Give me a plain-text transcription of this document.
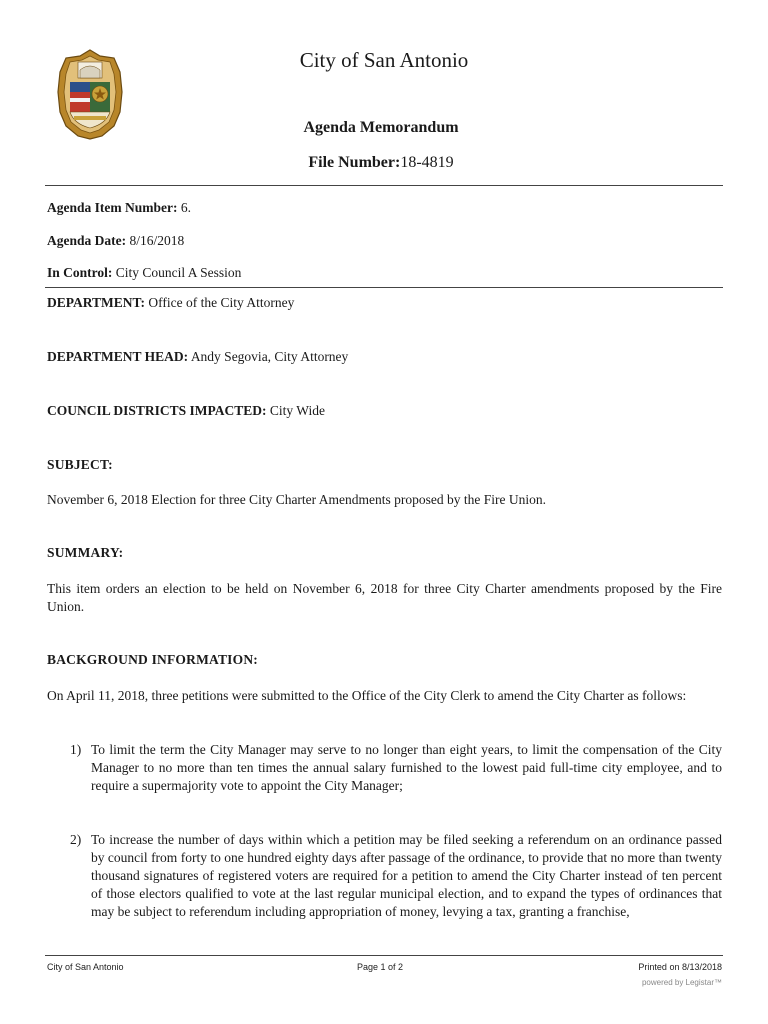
City of San Antonio
Agenda Memorandum
File Number:18-4819
Agenda Item Number: 6.
Agenda Date: 8/16/2018
In Control: City Council A Session
DEPARTMENT: Office of the City Attorney
DEPARTMENT HEAD: Andy Segovia, City Attorney
COUNCIL DISTRICTS IMPACTED: City Wide
SUBJECT:
November 6, 2018 Election for three City Charter Amendments proposed by the Fire Union.
SUMMARY:
This item orders an election to be held on November 6, 2018 for three City Charter amendments proposed by the Fire Union.
BACKGROUND INFORMATION:
On April 11, 2018, three petitions were submitted to the Office of the City Clerk to amend the City Charter as follows:
1) To limit the term the City Manager may serve to no longer than eight years, to limit the compensation of the City Manager to no more than ten times the annual salary furnished to the lowest paid full-time city employee, and to require a supermajority vote to appoint the City Manager;
2) To increase the number of days within which a petition may be filed seeking a referendum on an ordinance passed by council from forty to one hundred eighty days after passage of the ordinance, to provide that no more than twenty thousand signatures of registered voters are required for a petition to amend the City Charter instead of ten percent of those electors qualified to vote at the last regular municipal election, and to expand the types of ordinances that may be subject to referendum including appropriation of money, levying a tax, granting a franchise,
City of San Antonio	Page 1 of 2	Printed on 8/13/2018
powered by Legistar™
